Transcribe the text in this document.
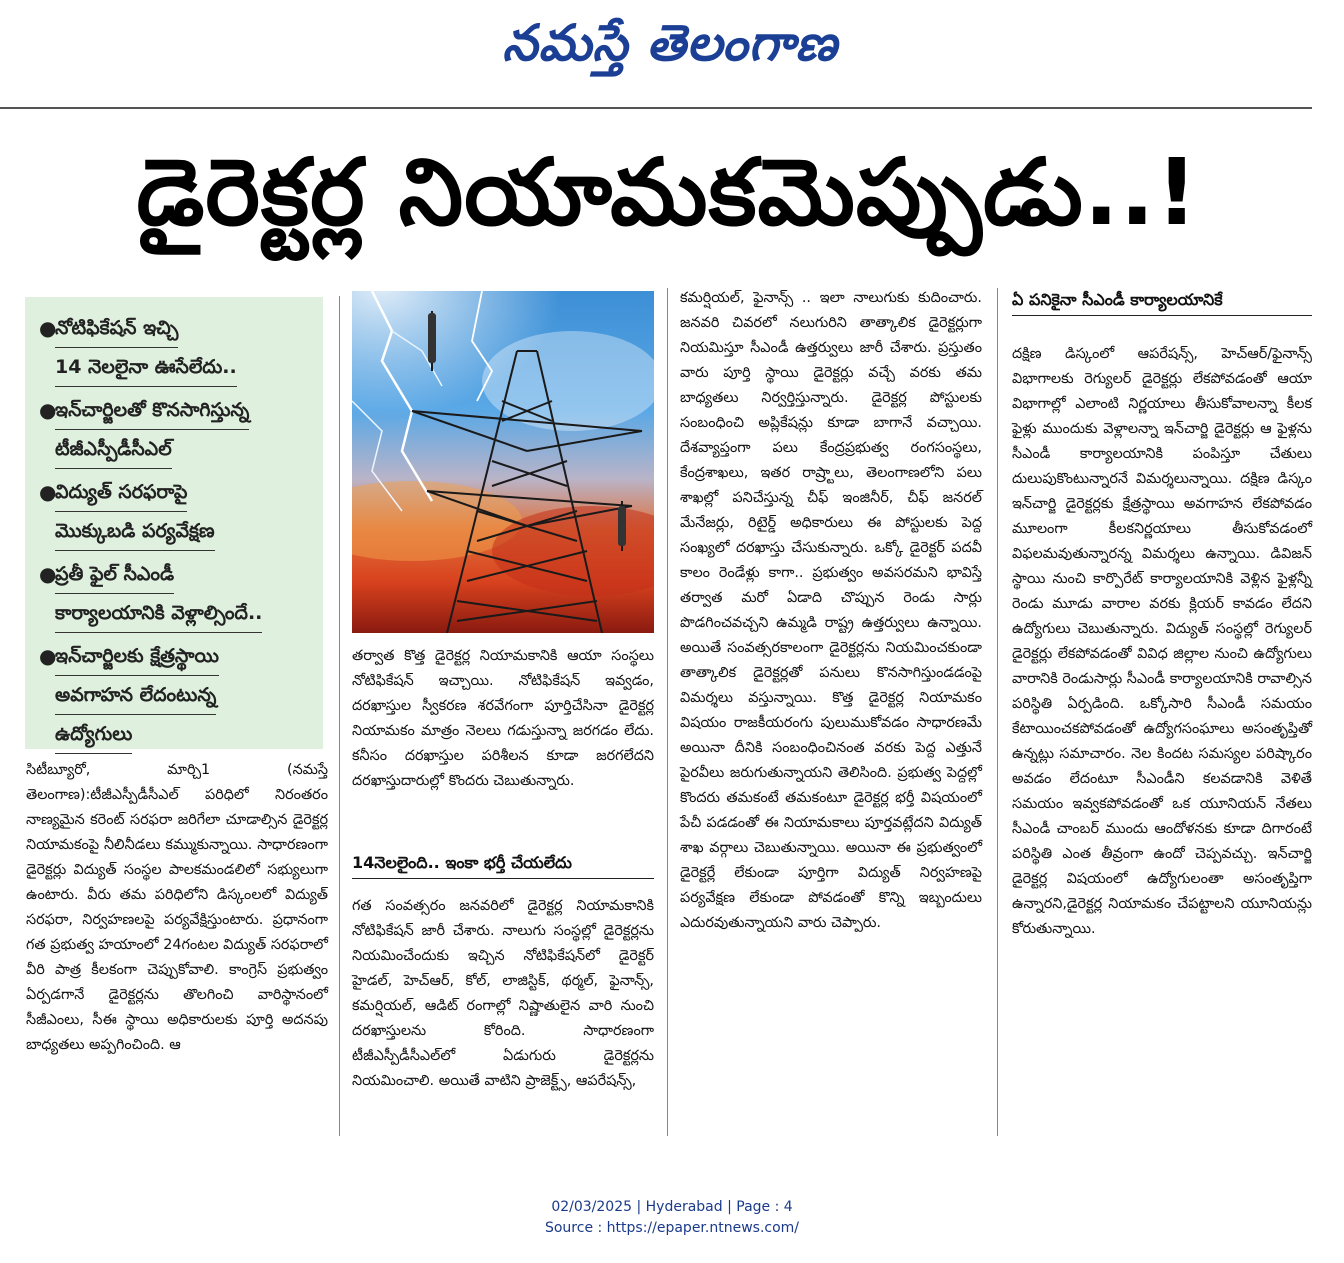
నమస్తే తెలంగాణ
డైరెక్టర్ల నియామకమెప్పుడు..!
●
నోటిఫికేషన్ ఇచ్చి
14 నెలలైనా ఊసేలేదు..
●
ఇన్‌చార్జిలతో కొనసాగిస్తున్న
టీజీఎస్పీడీసీఎల్
●
విద్యుత్ సరఫరాపై
మొక్కుబడి పర్యవేక్షణ
●
ప్రతీ ఫైల్ సీఎండీ
కార్యాలయానికి వెళ్లాల్సిందే..
●
ఇన్‌చార్జిలకు క్షేత్రస్థాయి
అవగాహన లేదంటున్న
ఉద్యోగులు

సిటీబ్యూరో, మార్చి1 (నమస్తే తెలంగాణ):టీజీఎస్పీడీసీఎల్ పరిధిలో నిరంతరం నాణ్యమైన కరెంట్ సరఫరా జరిగేలా చూడాల్సిన డైరెక్టర్ల నియామకంపై నీలినీడలు కమ్ముకున్నాయి. సాధారణంగా డైరెక్టర్లు విద్యుత్ సంస్థల పాలకమండలిలో సభ్యులుగా ఉంటారు. వీరు తమ పరిధిలోని డిస్కంలలో విద్యుత్ సరఫరా, నిర్వహణలపై పర్యవేక్షిస్తుంటారు. ప్రధానంగా గత ప్రభుత్వ హయాంలో 24గంటల విద్యుత్ సరఫరాలో వీరి పాత్ర కీలకంగా చెప్పుకోవాలి. కాంగ్రెస్ ప్రభుత్వం ఏర్పడగానే డైరెక్టర్లను తొలగించి వారిస్థానంలో సీజీఎంలు, సీఈ స్థాయి అధికారులకు పూర్తి అదనపు బాధ్యతలు అప్పగించింది. ఆ

తర్వాత కొత్త డైరెక్టర్ల నియామకానికి ఆయా సంస్థలు నోటిఫికేషన్ ఇచ్చాయి. నోటిఫికేషన్ ఇవ్వడం, దరఖాస్తుల స్వీకరణ శరవేగంగా పూర్తిచేసినా డైరెక్టర్ల నియామకం మాత్రం నెలలు గడుస్తున్నా జరగడం లేదు. కనీసం దరఖాస్తుల పరిశీలన కూడా జరగలేదని దరఖాస్తుదారుల్లో కొందరు చెబుతున్నారు.

14నెలలైంది.. ఇంకా భర్తీ చేయలేదు

గత సంవత్సరం జనవరిలో డైరెక్టర్ల నియామకానికి నోటిఫికేషన్ జారీ చేశారు. నాలుగు సంస్థల్లో డైరెక్టర్లను నియమించేందుకు ఇచ్చిన నోటిఫికేషన్‌లో డైరెక్టర్ హైడల్, హెచ్‌ఆర్, కోల్, లాజిస్టిక్, థర్మల్, ఫైనాన్స్, కమర్షియల్, ఆడిట్ రంగాల్లో నిష్ణాతులైన వారి నుంచి దరఖాస్తులను కోరింది. సాధారణంగా టీజీఎస్పీడీసీఎల్‌లో ఏడుగురు డైరెక్టర్లను నియమించాలి. అయితే వాటిని ప్రాజెక్ట్స్, ఆపరేషన్స్,

కమర్షియల్, ఫైనాన్స్ .. ఇలా నాలుగుకు కుదించారు. జనవరి చివరలో నలుగురిని తాత్కాలిక డైరెక్టర్లుగా నియమిస్తూ సీఎండీ ఉత్తర్వులు జారీ చేశారు. ప్రస్తుతం వారు పూర్తి స్థాయి డైరెక్టర్లు వచ్చే వరకు తమ బాధ్యతలు నిర్వర్తిస్తున్నారు. డైరెక్టర్ల పోస్టులకు సంబంధించి అప్లికేషన్లు కూడా బాగానే వచ్చాయి. దేశవ్యాప్తంగా పలు కేంద్రప్రభుత్వ రంగసంస్థలు, కేంద్రశాఖలు, ఇతర రాష్ర్టాలు, తెలంగాణలోని పలు శాఖల్లో పనిచేస్తున్న చీఫ్ ఇంజినీర్, చీఫ్ జనరల్ మేనేజర్లు, రిటైర్డ్ అధికారులు ఈ పోస్టులకు పెద్ద సంఖ్యలో దరఖాస్తు చేసుకున్నారు. ఒక్కో డైరెక్టర్ పదవీ కాలం రెండేళ్లు కాగా.. ప్రభుత్వం అవసరమని భావిస్తే తర్వాత మరో ఏడాది చొప్పున రెండు సార్లు పొడగించవచ్చని ఉమ్మడి రాష్ట్ర ఉత్తర్వులు ఉన్నాయి. అయితే సంవత్సరకాలంగా డైరెక్టర్లను నియమించకుండా తాత్కాలిక డైరెక్టర్లతో పనులు కొనసాగిస్తుండడంపై విమర్శలు వస్తున్నాయి. కొత్త డైరెక్టర్ల నియామకం విషయం రాజకీయరంగు పులుముకోవడం సాధారణమే అయినా దీనికి సంబంధించినంత వరకు పెద్ద ఎత్తునే పైరవీలు జరుగుతున్నాయని తెలిసింది. ప్రభుత్వ పెద్దల్లో కొందరు తమకంటే తమకంటూ డైరెక్టర్ల భర్తీ విషయంలో పేచీ పడడంతో ఈ నియామకాలు పూర్తవట్లేదని విద్యుత్ శాఖ వర్గాలు చెబుతున్నాయి. అయినా ఈ ప్రభుత్వంలో డైరెక్టర్లే లేకుండా పూర్తిగా విద్యుత్ నిర్వహణపై పర్యవేక్షణ లేకుండా పోవడంతో కొన్ని ఇబ్బందులు ఎదురవుతున్నాయని వారు చెప్పారు.

ఏ పనికైనా సీఎండీ కార్యాలయానికే

దక్షిణ డిస్కంలో ఆపరేషన్స్, హెచ్‌ఆర్/ఫైనాన్స్ విభాగాలకు రెగ్యులర్ డైరెక్టర్లు లేకపోవడంతో ఆయా విభాగాల్లో ఎలాంటి నిర్ణయాలు తీసుకోవాలన్నా కీలక ఫైళ్లు ముందుకు వెళ్లాలన్నా ఇన్‌చార్జి డైరెక్టర్లు ఆ ఫైళ్లను సీఎండీ కార్యాలయానికి పంపిస్తూ చేతులు దులుపుకొంటున్నారనే విమర్శలున్నాయి. దక్షిణ డిస్కం ఇన్‌చార్జి డైరెక్టర్లకు క్షేత్రస్థాయి అవగాహన లేకపోవడం మూలంగా కీలకనిర్ణయాలు తీసుకోవడంలో విఫలమవుతున్నారన్న విమర్శలు ఉన్నాయి. డివిజన్ స్థాయి నుంచి కార్పొరేట్ కార్యాలయానికి వెళ్లిన ఫైళ్లన్నీ రెండు మూడు వారాల వరకు క్లియర్ కావడం లేదని ఉద్యోగులు చెబుతున్నారు. విద్యుత్ సంస్థల్లో రెగ్యులర్ డైరెక్టర్లు లేకపోవడంతో వివిధ జిల్లాల నుంచి ఉద్యోగులు వారానికి రెండుసార్లు సీఎండీ కార్యాలయానికి రావాల్సిన పరిస్థితి ఏర్పడింది. ఒక్కోసారి సీఎండీ సమయం కేటాయించకపోవడంతో ఉద్యోగసంఘాలు అసంతృప్తితో ఉన్నట్లు సమాచారం. నెల కిందట సమస్యల పరిష్కారం అవడం లేదంటూ సీఎండీని కలవడానికి వెళితే సమయం ఇవ్వకపోవడంతో ఒక యూనియన్ నేతలు సీఎండీ చాంబర్ ముందు ఆందోళనకు కూడా దిగారంటే పరిస్థితి ఎంత తీవ్రంగా ఉందో చెప్పవచ్చు. ఇన్‌చార్జి డైరెక్టర్ల విషయంలో ఉద్యోగులంతా అసంతృప్తిగా ఉన్నారని,డైరెక్టర్ల నియామకం చేపట్టాలని యూనియన్లు కోరుతున్నాయి.

02/03/2025 | Hyderabad | Page : 4
Source : https://epaper.ntnews.com/
